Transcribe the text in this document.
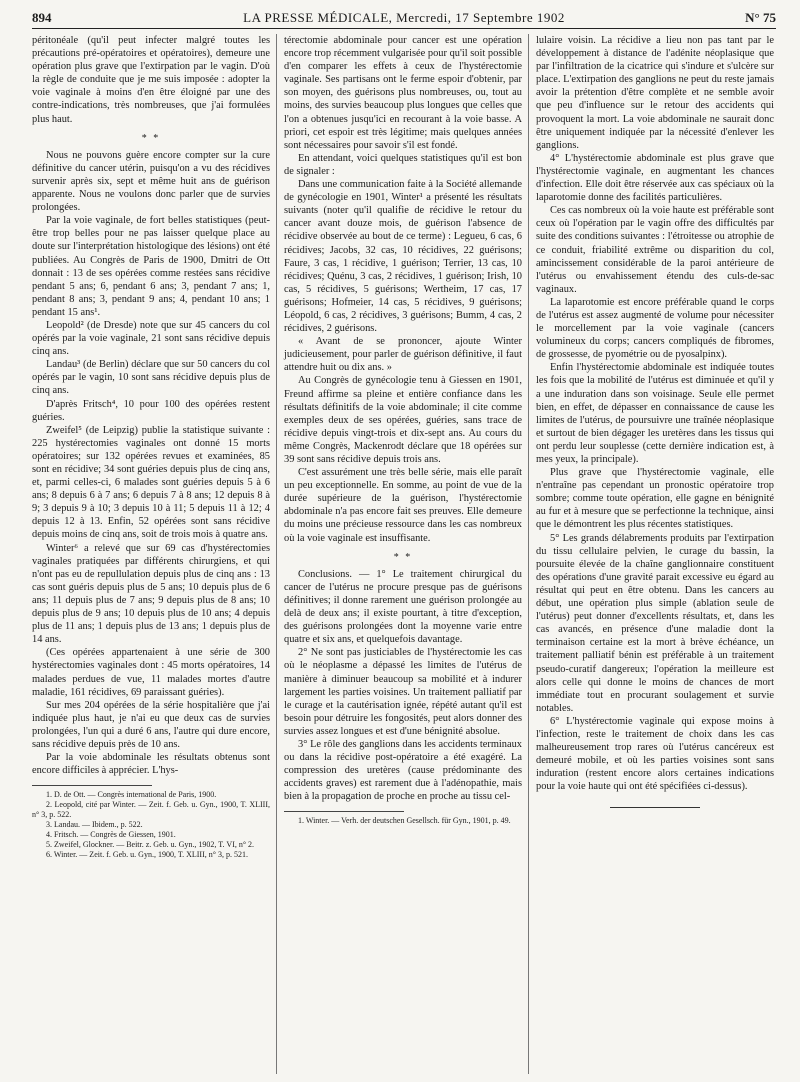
894	LA PRESSE MÉDICALE, Mercredi, 17 Septembre 1902	N° 75

péritonéale (qu'il peut infecter malgré toutes les précautions pré-opératoires et opératoires), demeure une opération plus grave que l'extirpation par le vagin. D'où la règle de conduite que je me suis imposée : adopter la voie vaginale à moins d'en être éloigné par une des contre-indications, très nombreuses, que j'ai formulées plus haut.

* *

Nous ne pouvons guère encore compter sur la cure définitive du cancer utérin, puisqu'on a vu des récidives survenir après six, sept et même huit ans de guérison apparente. Nous ne voulons donc parler que de survies prolongées.

Par la voie vaginale, de fort belles statistiques (peut-être trop belles pour ne pas laisser quelque place au doute sur l'interprétation histologique des lésions) ont été publiées. Au Congrès de Paris de 1900, Dmitri de Ott donnait : 13 de ses opérées comme restées sans récidive pendant 5 ans; 6, pendant 6 ans; 3, pendant 7 ans; 1, pendant 8 ans; 3, pendant 9 ans; 4, pendant 10 ans; 1 pendant 15 ans¹.

Leopold² (de Dresde) note que sur 45 cancers du col opérés par la voie vaginale, 21 sont sans récidive depuis cinq ans.

Landau³ (de Berlin) déclare que sur 50 cancers du col opérés par le vagin, 10 sont sans récidive depuis plus de cinq ans.

D'après Fritsch⁴, 10 pour 100 des opérées restent guéries.

Zweifel⁵ (de Leipzig) publie la statistique suivante : 225 hystérectomies vaginales ont donné 15 morts opératoires; sur 132 opérées revues et examinées, 85 sont en récidive; 34 sont guéries depuis plus de cinq ans, et, parmi celles-ci, 6 malades sont guéries depuis 5 à 6 ans; 8 depuis 6 à 7 ans; 6 depuis 7 à 8 ans; 12 depuis 8 à 9; 3 depuis 9 à 10; 3 depuis 10 à 11; 5 depuis 11 à 12; 4 depuis 12 à 13. Enfin, 52 opérées sont sans récidive depuis moins de cinq ans, soit de trois mois à quatre ans.

Winter⁶ a relevé que sur 69 cas d'hystérectomies vaginales pratiquées par différents chirurgiens, et qui n'ont pas eu de repullulation depuis plus de cinq ans : 13 cas sont guéris depuis plus de 5 ans; 10 depuis plus de 6 ans; 11 depuis plus de 7 ans; 9 depuis plus de 8 ans; 10 depuis plus de 9 ans; 10 depuis plus de 10 ans; 4 depuis plus de 11 ans; 1 depuis plus de 13 ans; 1 depuis plus de 14 ans.

(Ces opérées appartenaient à une série de 300 hystérectomies vaginales dont : 45 morts opératoires, 14 malades perdues de vue, 11 malades mortes d'autre maladie, 161 récidives, 69 paraissant guéries).

Sur mes 204 opérées de la série hospitalière que j'ai indiquée plus haut, je n'ai eu que deux cas de survies prolongées, l'un qui a duré 6 ans, l'autre qui dure encore, sans récidive depuis près de 10 ans.

Par la voie abdominale les résultats obtenus sont encore difficiles à apprécier. L'hys-

1. D. de Ott. — Congrès international de Paris, 1900.

2. Leopold, cité par Winter. — Zeit. f. Geb. u. Gyn., 1900, T. XLIII, n° 3, p. 522.

3. Landau. — Ibidem., p. 522.

4. Fritsch. — Congrès de Giessen, 1901.

5. Zweifel, Glockner. — Beitr. z. Geb. u. Gyn., 1902, T. VI, n° 2.

6. Winter. — Zeit. f. Geb. u. Gyn., 1900, T. XLIII, n° 3, p. 521.

térectomie abdominale pour cancer est une opération encore trop récemment vulgarisée pour qu'il soit possible d'en comparer les effets à ceux de l'hystérectomie vaginale. Ses partisans ont le ferme espoir d'obtenir, par son moyen, des guérisons plus nombreuses, ou, tout au moins, des survies beaucoup plus longues que celles que l'on a obtenues jusqu'ici en recourant à la voie basse. A priori, cet espoir est très légitime; mais quelques années sont nécessaires pour savoir s'il est fondé.

En attendant, voici quelques statistiques qu'il est bon de signaler :

Dans une communication faite à la Société allemande de gynécologie en 1901, Winter¹ a présenté les résultats suivants (noter qu'il qualifie de récidive le retour du cancer avant douze mois, de guérison l'absence de récidive observée au bout de ce terme) : Legueu, 6 cas, 6 récidives; Jacobs, 32 cas, 10 récidives, 22 guérisons; Faure, 3 cas, 1 récidive, 1 guérison; Terrier, 13 cas, 10 récidives; Quénu, 3 cas, 2 récidives, 1 guérison; Irish, 10 cas, 5 récidives, 5 guérisons; Wertheim, 17 cas, 17 guérisons; Hofmeier, 14 cas, 5 récidives, 9 guérisons; Léopold, 6 cas, 2 récidives, 3 guérisons; Bumm, 4 cas, 2 récidives, 2 guérisons.

« Avant de se prononcer, ajoute Winter judicieusement, pour parler de guérison définitive, il faut attendre huit ou dix ans. »

Au Congrès de gynécologie tenu à Giessen en 1901, Freund affirme sa pleine et entière confiance dans les résultats définitifs de la voie abdominale; il cite comme exemples deux de ses opérées, guéries, sans trace de récidive depuis vingt-trois et dix-sept ans. Au cours du même Congrès, Mackenrodt déclare que 18 opérées sur 39 sont sans récidive depuis trois ans.

C'est assurément une très belle série, mais elle paraît un peu exceptionnelle. En somme, au point de vue de la durée supérieure de la guérison, l'hystérectomie abdominale n'a pas encore fait ses preuves. Elle demeure du moins une précieuse ressource dans les cas nombreux où la voie vaginale est insuffisante.

* *

Conclusions. — 1° Le traitement chirurgical du cancer de l'utérus ne procure presque pas de guérisons définitives; il donne rarement une guérison prolongée au delà de deux ans; il existe pourtant, à titre d'exception, des guérisons prolongées dont la moyenne varie entre quatre et six ans, et quelquefois davantage.

2° Ne sont pas justiciables de l'hystérectomie les cas où le néoplasme a dépassé les limites de l'utérus de manière à diminuer beaucoup sa mobilité et à indurer largement les parties voisines. Un traitement palliatif par le curage et la cautérisation ignée, répété autant qu'il est besoin pour détruire les fongosités, peut alors donner des survies assez longues et est d'une bénignité absolue.

3° Le rôle des ganglions dans les accidents terminaux ou dans la récidive post-opératoire a été exagéré. La compression des uretères (cause prédominante des accidents graves) est rarement due à l'adénopathie, mais bien à la propagation de proche en proche au tissu cel-

1. Winter. — Verh. der deutschen Gesellsch. für Gyn., 1901, p. 49.

lulaire voisin. La récidive a lieu non pas tant par le développement à distance de l'adénite néoplasique que par l'infiltration de la cicatrice qui s'indure et s'ulcère sur place. L'extirpation des ganglions ne peut du reste jamais avoir la prétention d'être complète et ne semble avoir que peu d'influence sur le retour des accidents qui provoquent la mort. La voie abdominale ne saurait donc être uniquement indiquée par la nécessité d'enlever les ganglions.

4° L'hystérectomie abdominale est plus grave que l'hystérectomie vaginale, en augmentant les chances d'infection. Elle doit être réservée aux cas spéciaux où la laparotomie donne des facilités particulières.

Ces cas nombreux où la voie haute est préférable sont ceux où l'opération par le vagin offre des difficultés par suite des conditions suivantes : l'étroitesse ou atrophie de ce conduit, friabilité extrême ou disparition du col, amincissement considérable de la paroi antérieure de l'utérus ou envahissement étendu des culs-de-sac vaginaux.

La laparotomie est encore préférable quand le corps de l'utérus est assez augmenté de volume pour nécessiter le morcellement par la voie vaginale (cancers volumineux du corps; cancers compliqués de fibromes, de grossesse, de pyométrie ou de pyosalpinx).

Enfin l'hystérectomie abdominale est indiquée toutes les fois que la mobilité de l'utérus est diminuée et qu'il y a une induration dans son voisinage. Seule elle permet bien, en effet, de dépasser en connaissance de cause les limites de l'utérus, de poursuivre une traînée néoplasique et surtout de bien dégager les uretères dans les tissus qui ont perdu leur souplesse (cette dernière indication est, à mes yeux, la principale).

Plus grave que l'hystérectomie vaginale, elle n'entraîne pas cependant un pronostic opératoire trop sombre; comme toute opération, elle gagne en bénignité au fur et à mesure que se perfectionne la technique, ainsi que le démontrent les plus récentes statistiques.

5° Les grands délabrements produits par l'extirpation du tissu cellulaire pelvien, le curage du bassin, la poursuite élevée de la chaîne ganglionnaire constituent des opérations d'une gravité parait excessive eu égard au résultat qui peut en être obtenu. Dans les cancers au début, une opération plus simple (ablation seule de l'utérus) peut donner d'excellents résultats, et, dans les cas avancés, en présence d'une maladie dont la terminaison certaine est la mort à brève échéance, un traitement palliatif bénin est préférable à un traitement pseudo-curatif dangereux; l'opération la meilleure est alors celle qui donne le moins de chances de mort immédiate tout en procurant soulagement et survie notables.

6° L'hystérectomie vaginale qui expose moins à l'infection, reste le traitement de choix dans les cas malheureusement trop rares où l'utérus cancéreux est demeuré mobile, et où les parties voisines sont sans induration (restent encore alors certaines indications pour la voie haute qui ont été spécifiées ci-dessus).
